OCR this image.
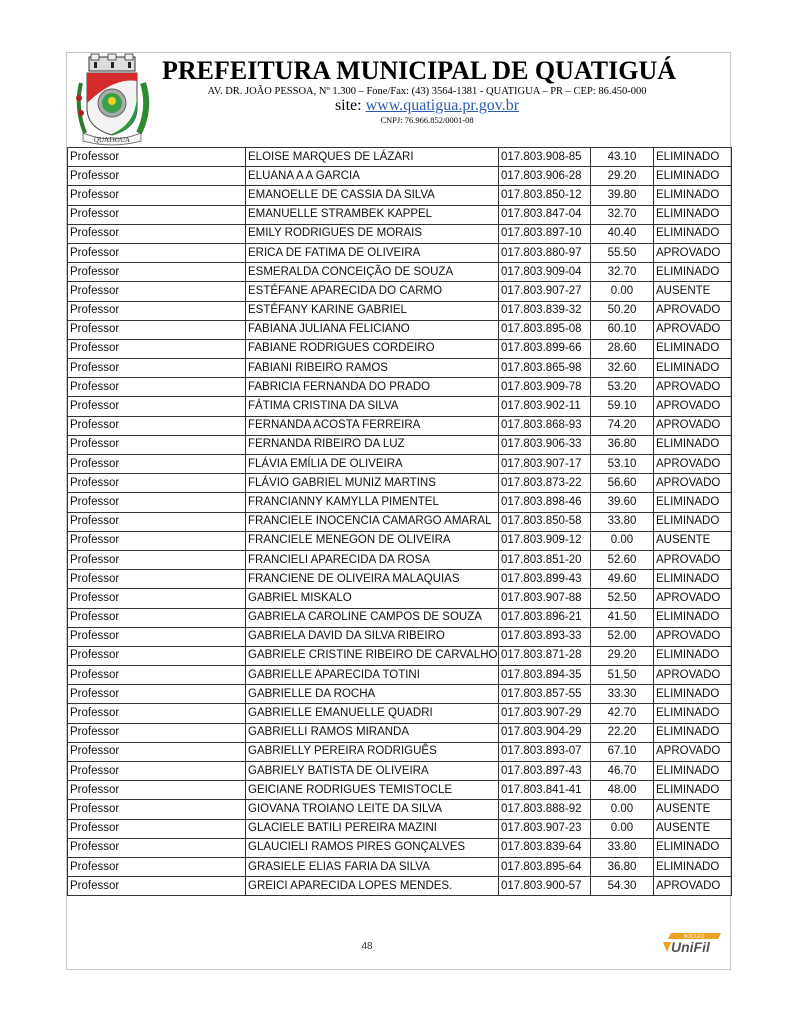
QUATIGUA
PREFEITURA MUNICIPAL DE QUATIGUÁ
AV. DR. JOÃO PESSOA, Nº 1.300 – Fone/Fax: (43) 3564-1381 - QUATIGUA – PR – CEP: 86.450-000
site: www.quatigua.pr.gov.br
CNPJ: 76.966.852/0001-08
Professor	ELOISE MARQUES DE LÁZARI	017.803.908-85	43.10	ELIMINADO
Professor	ELUANA A A GARCIA	017.803.906-28	29.20	ELIMINADO
Professor	EMANOELLE DE CASSIA DA SILVA	017.803.850-12	39.80	ELIMINADO
Professor	EMANUELLE STRAMBEK KAPPEL	017.803.847-04	32.70	ELIMINADO
Professor	EMILY RODRIGUES DE MORAIS	017.803.897-10	40.40	ELIMINADO
Professor	ERICA DE FATIMA DE OLIVEIRA	017.803.880-97	55.50	APROVADO
Professor	ESMERALDA CONCEIÇÃO DE SOUZA	017.803.909-04	32.70	ELIMINADO
Professor	ESTÉFANE APARECIDA DO CARMO	017.803.907-27	0.00	AUSENTE
Professor	ESTÉFANY KARINE GABRIEL	017.803.839-32	50.20	APROVADO
Professor	FABIANA JULIANA FELICIANO	017.803.895-08	60.10	APROVADO
Professor	FABIANE RODRIGUES CORDEIRO	017.803.899-66	28.60	ELIMINADO
Professor	FABIANI RIBEIRO RAMOS	017.803.865-98	32.60	ELIMINADO
Professor	FABRICIA FERNANDA DO PRADO	017.803.909-78	53.20	APROVADO
Professor	FÁTIMA CRISTINA DA SILVA	017.803.902-11	59.10	APROVADO
Professor	FERNANDA ACOSTA FERREIRA	017.803.868-93	74.20	APROVADO
Professor	FERNANDA RIBEIRO DA LUZ	017.803.906-33	36.80	ELIMINADO
Professor	FLÁVIA EMÍLIA DE OLIVEIRA	017.803.907-17	53.10	APROVADO
Professor	FLÁVIO GABRIEL MUNIZ MARTINS	017.803.873-22	56.60	APROVADO
Professor	FRANCIANNY KAMYLLA PIMENTEL	017.803.898-46	39.60	ELIMINADO
Professor	FRANCIELE INOCENCIA CAMARGO AMARAL	017.803.850-58	33.80	ELIMINADO
Professor	FRANCIELE MENEGON DE OLIVEIRA	017.803.909-12	0.00	AUSENTE
Professor	FRANCIELI APARECIDA DA ROSA	017.803.851-20	52.60	APROVADO
Professor	FRANCIENE DE OLIVEIRA MALAQUIAS	017.803.899-43	49.60	ELIMINADO
Professor	GABRIEL MISKALO	017.803.907-88	52.50	APROVADO
Professor	GABRIELA CAROLINE CAMPOS DE SOUZA	017.803.896-21	41.50	ELIMINADO
Professor	GABRIELA DAVID DA SILVA RIBEIRO	017.803.893-33	52.00	APROVADO
Professor	GABRIELE CRISTINE RIBEIRO DE CARVALHO	017.803.871-28	29.20	ELIMINADO
Professor	GABRIELLE APARECIDA TOTINI	017.803.894-35	51.50	APROVADO
Professor	GABRIELLE DA ROCHA	017.803.857-55	33.30	ELIMINADO
Professor	GABRIELLE EMANUELLE QUADRI	017.803.907-29	42.70	ELIMINADO
Professor	GABRIELLI RAMOS MIRANDA	017.803.904-29	22.20	ELIMINADO
Professor	GABRIELLY PEREIRA RODRIGUÊS	017.803.893-07	67.10	APROVADO
Professor	GABRIELY BATISTA DE OLIVEIRA	017.803.897-43	46.70	ELIMINADO
Professor	GEICIANE RODRIGUES TEMISTOCLE	017.803.841-41	48.00	ELIMINADO
Professor	GIOVANA TROIANO LEITE DA SILVA	017.803.888-92	0.00	AUSENTE
Professor	GLACIELE BATILI PEREIRA MAZINI	017.803.907-23	0.00	AUSENTE
Professor	GLAUCIELI RAMOS PIRES GONÇALVES	017.803.839-64	33.80	ELIMINADO
Professor	GRASIELE ELIAS FARIA DA SILVA	017.803.895-64	36.80	ELIMINADO
Professor	GREICI APARECIDA LOPES MENDES.	017.803.900-57	54.30	APROVADO
48
NÚCLEO
UniFil
